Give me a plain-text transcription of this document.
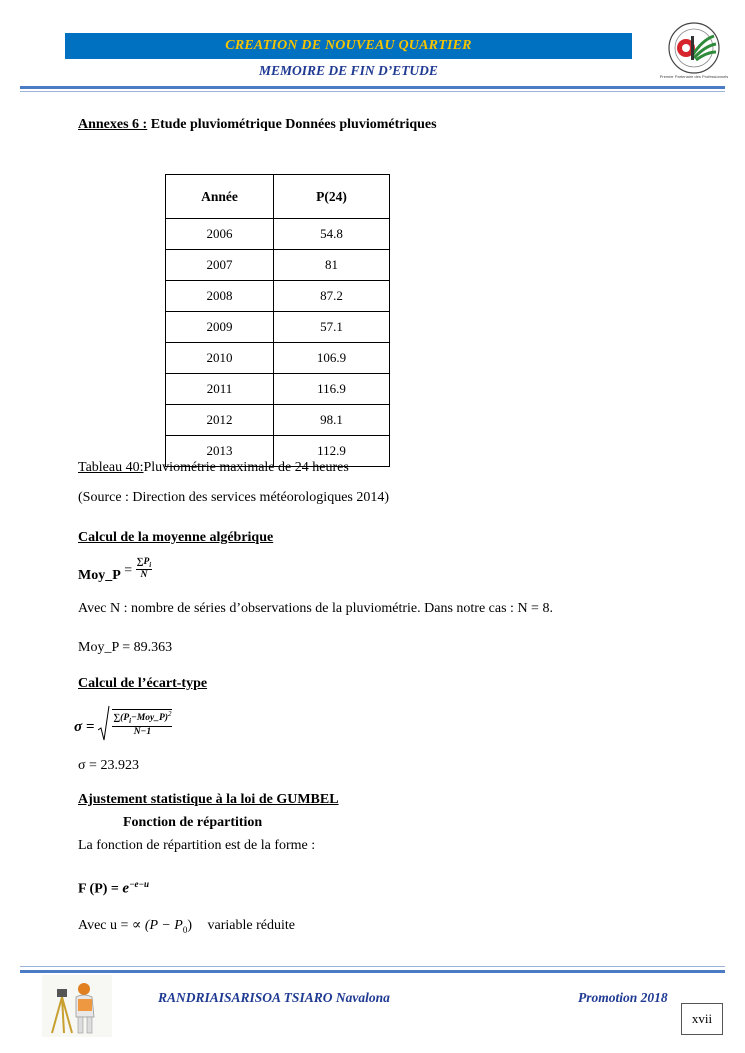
CREATION DE NOUVEAU QUARTIER
MEMOIRE DE FIN D’ETUDE	Premier Partenaire des Professionnels
Annexes 6 : Etude pluviométrique Données pluviométriques
Année	P(24)
2006	54.8
2007	81
2008	87.2
2009	57.1
2010	106.9
2011	116.9
2012	98.1
2013	112.9
Tableau 40:Pluviométrie maximale de 24 heures
(Source : Direction des services météorologiques 2014)
Calcul de la moyenne algébrique
Moy_P = $\frac{\sum P_i}{N}$
Avec N : nombre de séries d’observations de la pluviométrie. Dans notre cas : N = 8.
Moy_P = 89.363
Calcul de l’écart-type
$\sigma = \frac{\sum(P_i-Moy\_P)^2}{N-1}$
σ = 23.923
Ajustement statistique à la loi de GUMBEL
Fonction de répartition
La fonction de répartition est de la forme :
F $(P) = e^{-e-u}$
Avec u = ∝ $(P - P_0)$ variable réduite
RANDRIAISARISOA TSIARO Navalona	Promotion 2018
xvii
